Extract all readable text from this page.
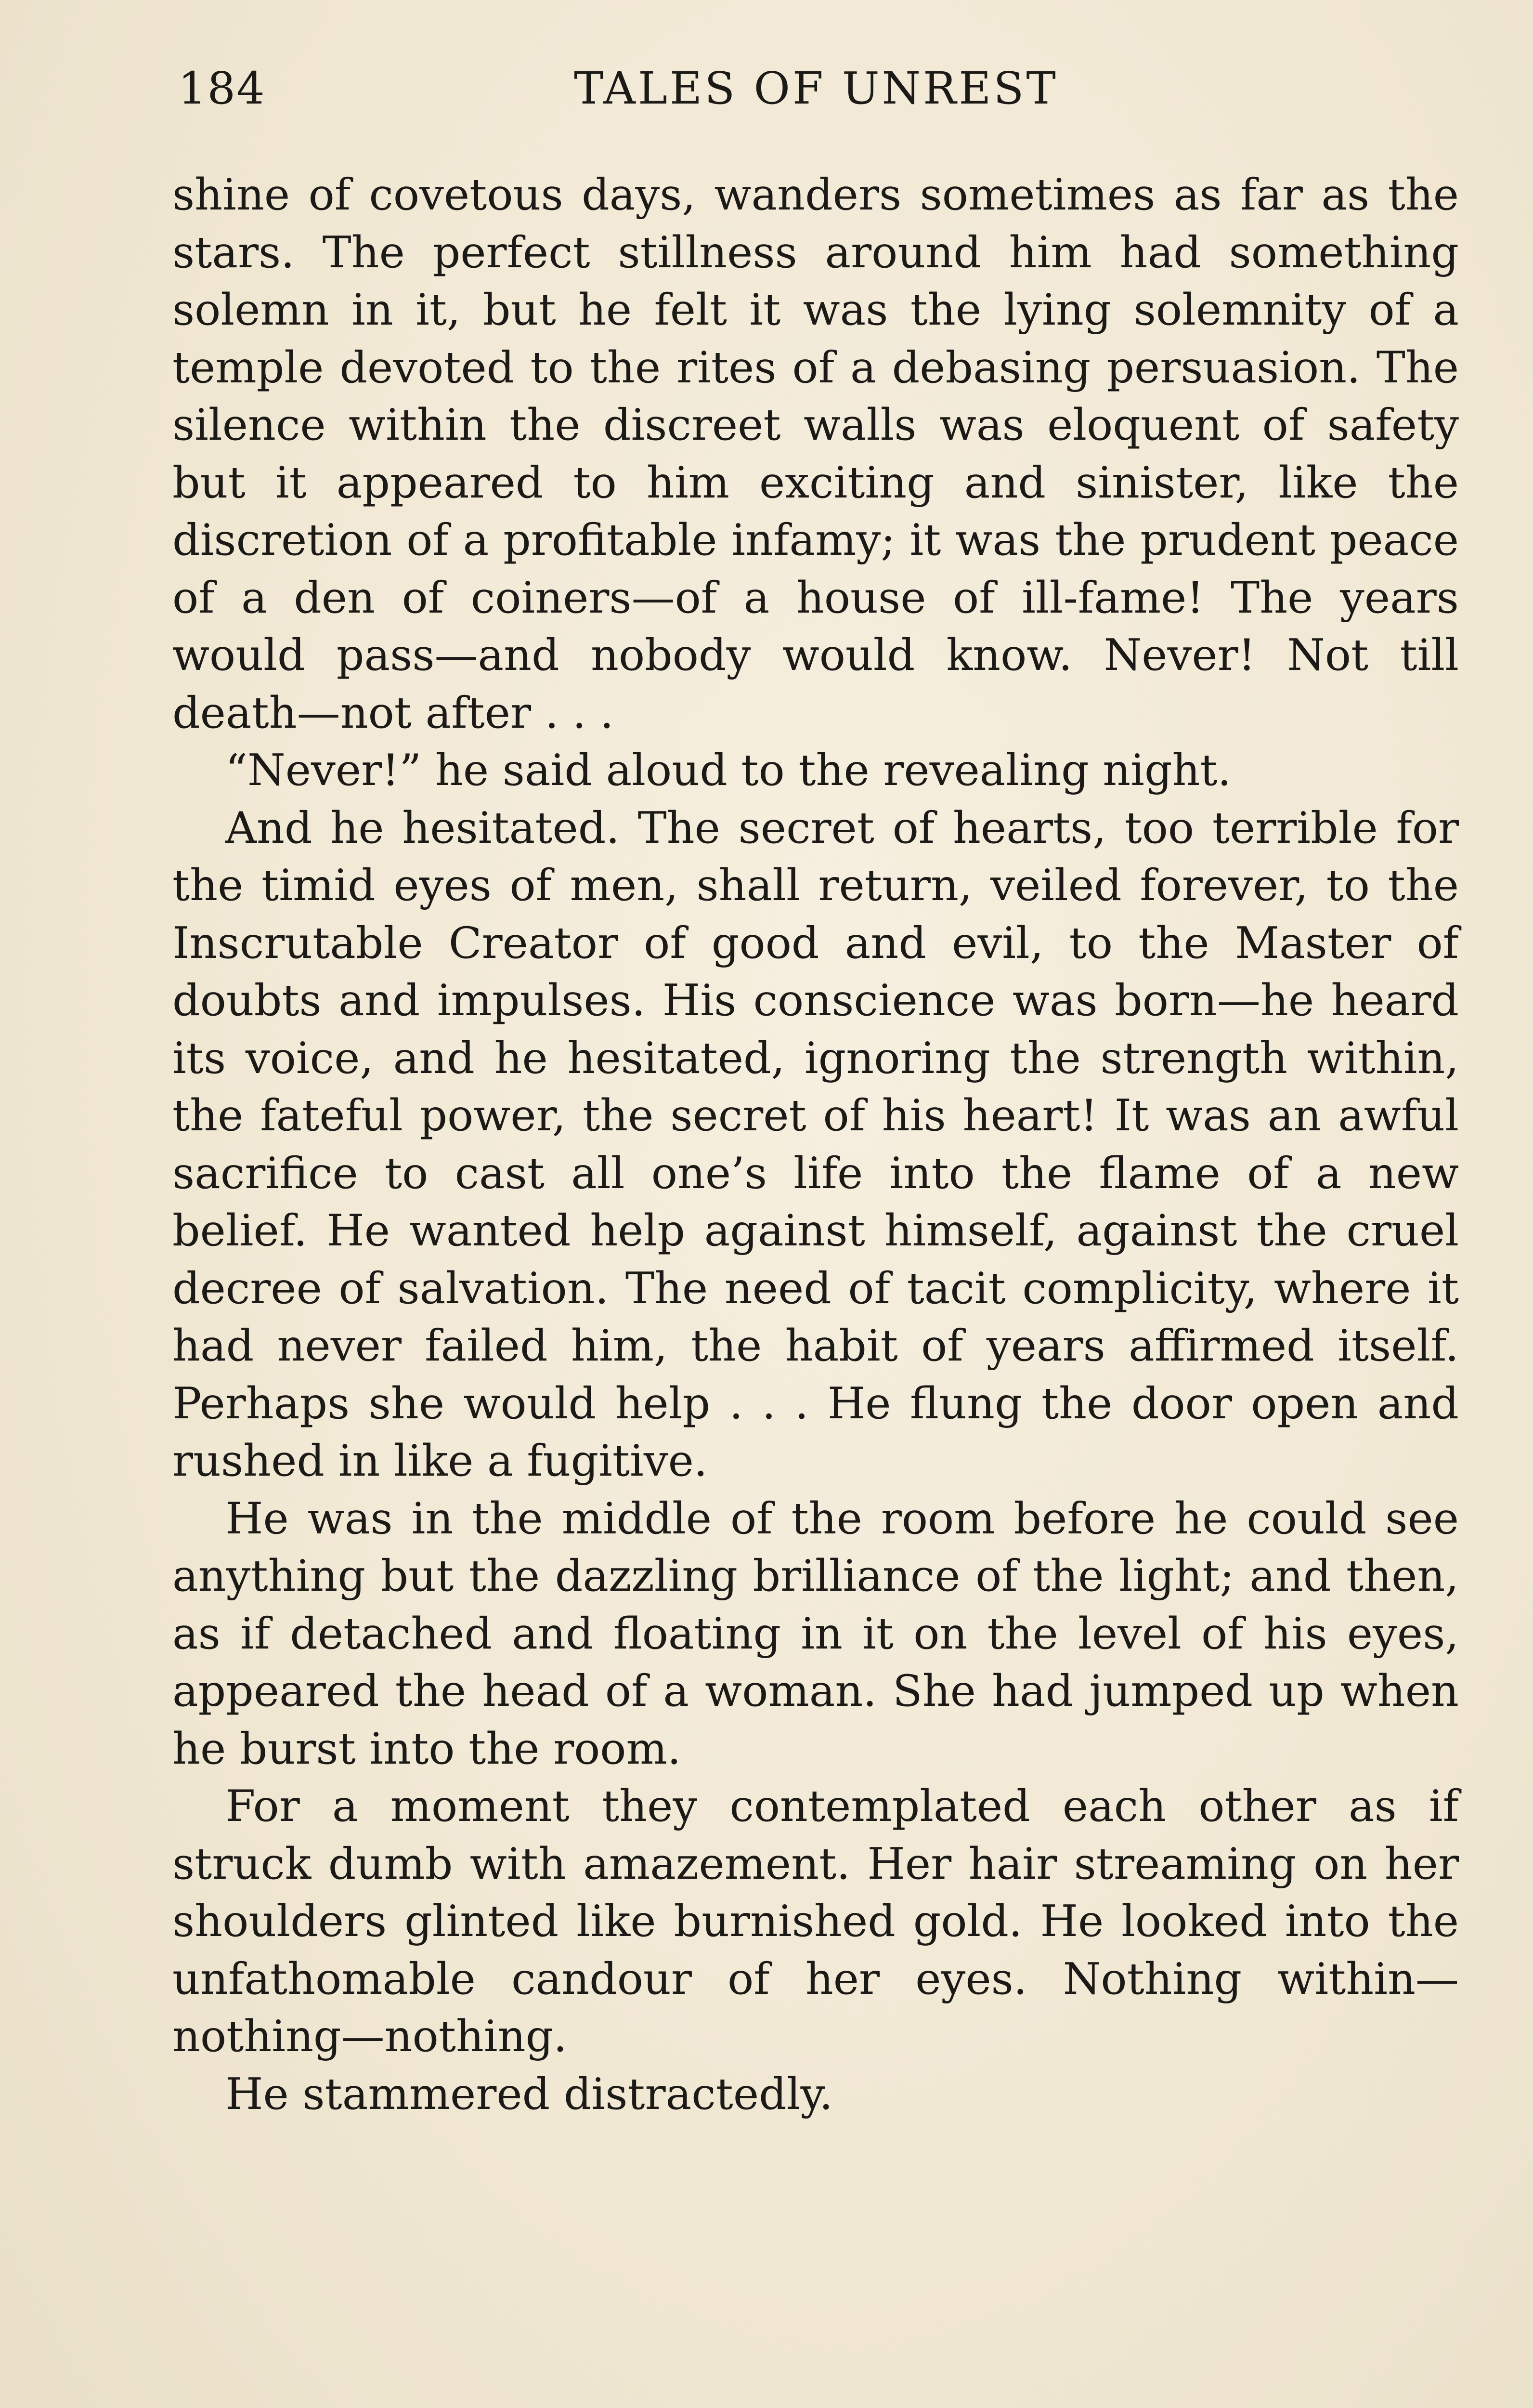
184	TALES OF UNREST

shine of covetous days, wanders sometimes as far as the stars. The perfect stillness around him had something solemn in it, but he felt it was the lying solemnity of a temple devoted to the rites of a debasing persuasion. The silence within the discreet walls was eloquent of safety but it appeared to him exciting and sinister, like the discretion of a profitable infamy; it was the prudent peace of a den of coiners—of a house of ill-fame! The years would pass—and nobody would know. Never! Not till death—not after . . .

“Never!” he said aloud to the revealing night.

And he hesitated. The secret of hearts, too terrible for the timid eyes of men, shall return, veiled forever, to the Inscrutable Creator of good and evil, to the Master of doubts and impulses. His conscience was born—he heard its voice, and he hesitated, ignoring the strength within, the fateful power, the secret of his heart! It was an awful sacrifice to cast all one’s life into the flame of a new belief. He wanted help against himself, against the cruel decree of salvation. The need of tacit complicity, where it had never failed him, the habit of years affirmed itself. Perhaps she would help . . . He flung the door open and rushed in like a fugitive.

He was in the middle of the room before he could see anything but the dazzling brilliance of the light; and then, as if detached and floating in it on the level of his eyes, appeared the head of a woman. She had jumped up when he burst into the room.

For a moment they contemplated each other as if struck dumb with amazement. Her hair streaming on her shoulders glinted like burnished gold. He looked into the unfathomable candour of her eyes. Nothing within—nothing—nothing.

He stammered distractedly.
